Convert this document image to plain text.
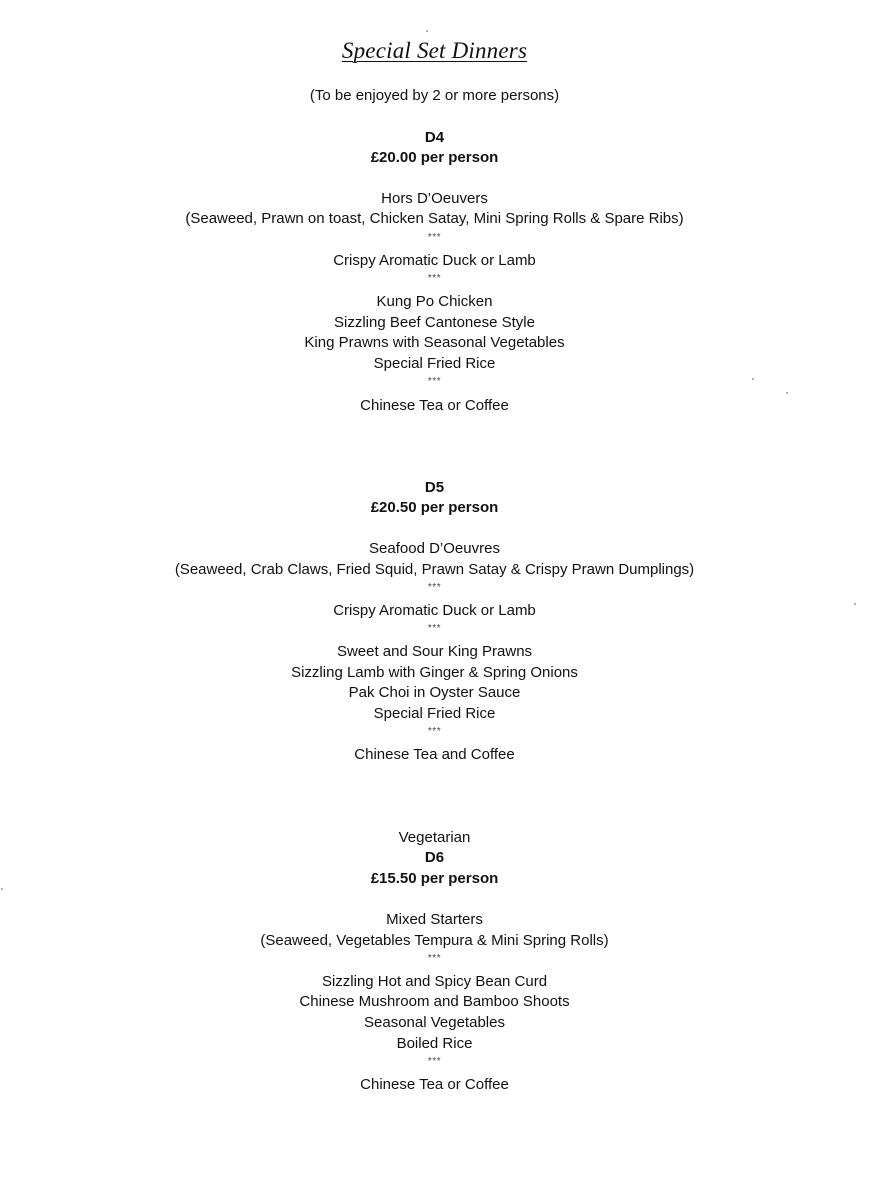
Special Set Dinners
(To be enjoyed by 2 or more persons)
D4
£20.00 per person
Hors D’Oeuvers
(Seaweed, Prawn on toast, Chicken Satay, Mini Spring Rolls & Spare Ribs)
***
Crispy Aromatic Duck or Lamb
***
Kung Po Chicken
Sizzling Beef Cantonese Style
King Prawns with Seasonal Vegetables
Special Fried Rice
***
Chinese Tea or Coffee
D5
£20.50 per person
Seafood D’Oeuvres
(Seaweed, Crab Claws, Fried Squid, Prawn Satay & Crispy Prawn Dumplings)
***
Crispy Aromatic Duck or Lamb
***
Sweet and Sour King Prawns
Sizzling Lamb with Ginger & Spring Onions
Pak Choi in Oyster Sauce
Special Fried Rice
***
Chinese Tea and Coffee
Vegetarian
D6
£15.50 per person
Mixed Starters
(Seaweed, Vegetables Tempura & Mini Spring Rolls)
***
Sizzling Hot and Spicy Bean Curd
Chinese Mushroom and Bamboo Shoots
Seasonal Vegetables
Boiled Rice
***
Chinese Tea or Coffee
